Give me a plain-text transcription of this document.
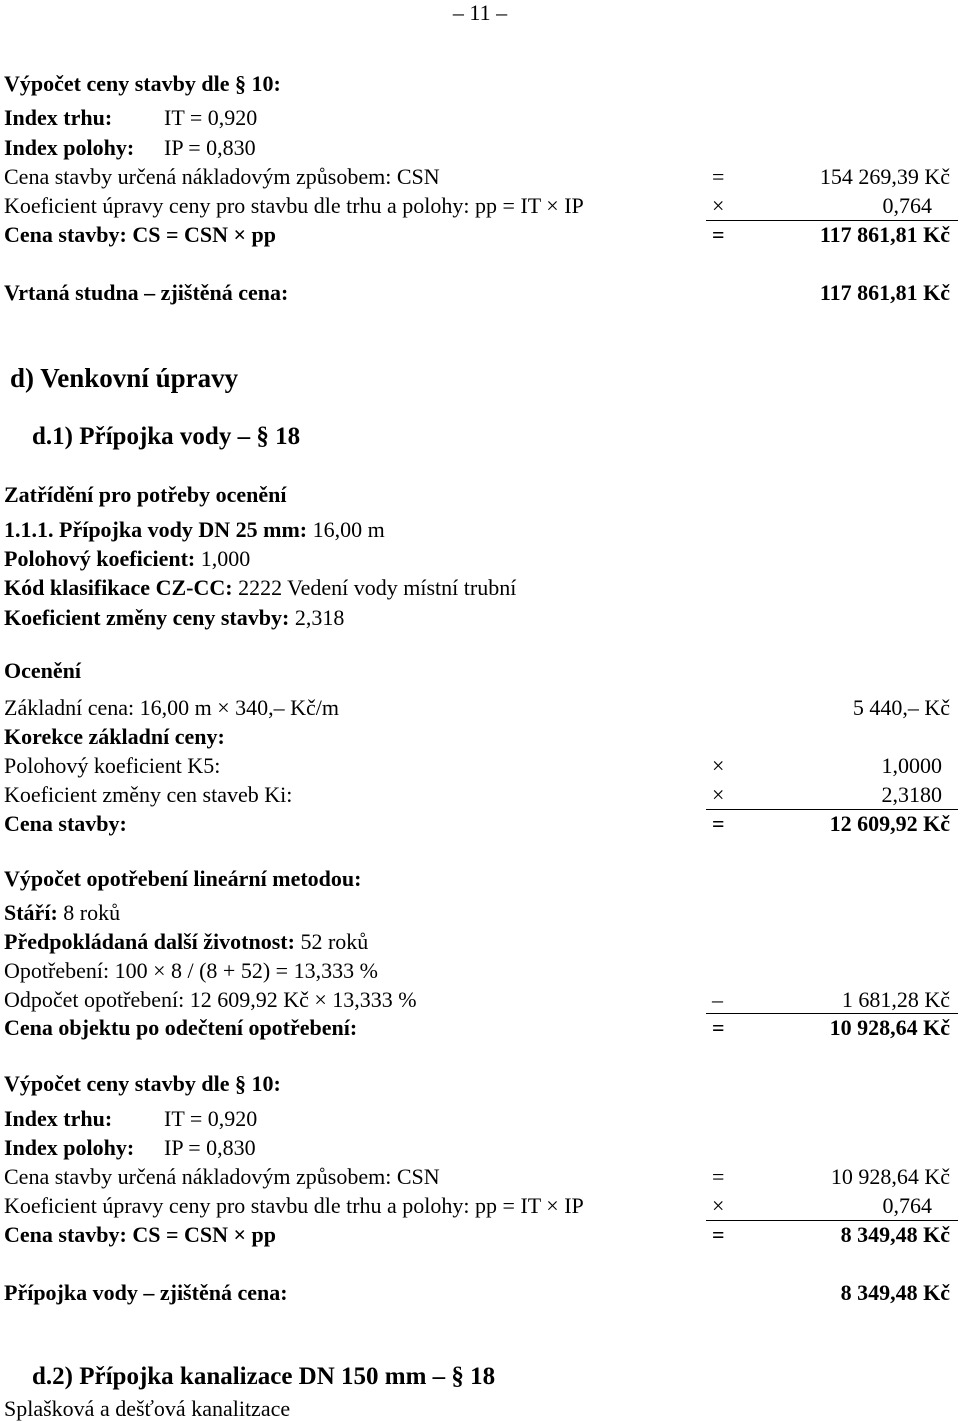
– 11 –
Výpočet ceny stavby dle § 10:
Index trhu: IT = 0,920
Index polohy: IP = 0,830
Cena stavby určená nákladovým způsobem: CSN	=	154 269,39 Kč
Koeficient úpravy ceny pro stavbu dle trhu a polohy: pp = IT × IP	×	0,764
Cena stavby: CS = CSN × pp	=	117 861,81 Kč
Vrtaná studna – zjištěná cena:	117 861,81 Kč
d) Venkovní úpravy
d.1) Přípojka vody – § 18
Zatřídění pro potřeby ocenění
1.1.1. Přípojka vody DN 25 mm: 16,00 m
Polohový koeficient: 1,000
Kód klasifikace CZ-CC: 2222 Vedení vody místní trubní
Koeficient změny ceny stavby: 2,318
Ocenění
Základní cena: 16,00 m × 340,– Kč/m	5 440,– Kč
Korekce základní ceny:
Polohový koeficient K5:	×	1,0000
Koeficient změny cen staveb Ki:	×	2,3180
Cena stavby:	=	12 609,92 Kč
Výpočet opotřebení lineární metodou:
Stáří: 8 roků
Předpokládaná další životnost: 52 roků
Opotřebení: 100 × 8 / (8 + 52) = 13,333 %
Odpočet opotřebení: 12 609,92 Kč × 13,333 %	–	1 681,28 Kč
Cena objektu po odečtení opotřebení:	=	10 928,64 Kč
Výpočet ceny stavby dle § 10:
Index trhu: IT = 0,920
Index polohy: IP = 0,830
Cena stavby určená nákladovým způsobem: CSN	=	10 928,64 Kč
Koeficient úpravy ceny pro stavbu dle trhu a polohy: pp = IT × IP	×	0,764
Cena stavby: CS = CSN × pp	=	8 349,48 Kč
Přípojka vody – zjištěná cena:	8 349,48 Kč
d.2) Přípojka kanalizace DN 150 mm – § 18
Splašková a dešťová kanalitzace
